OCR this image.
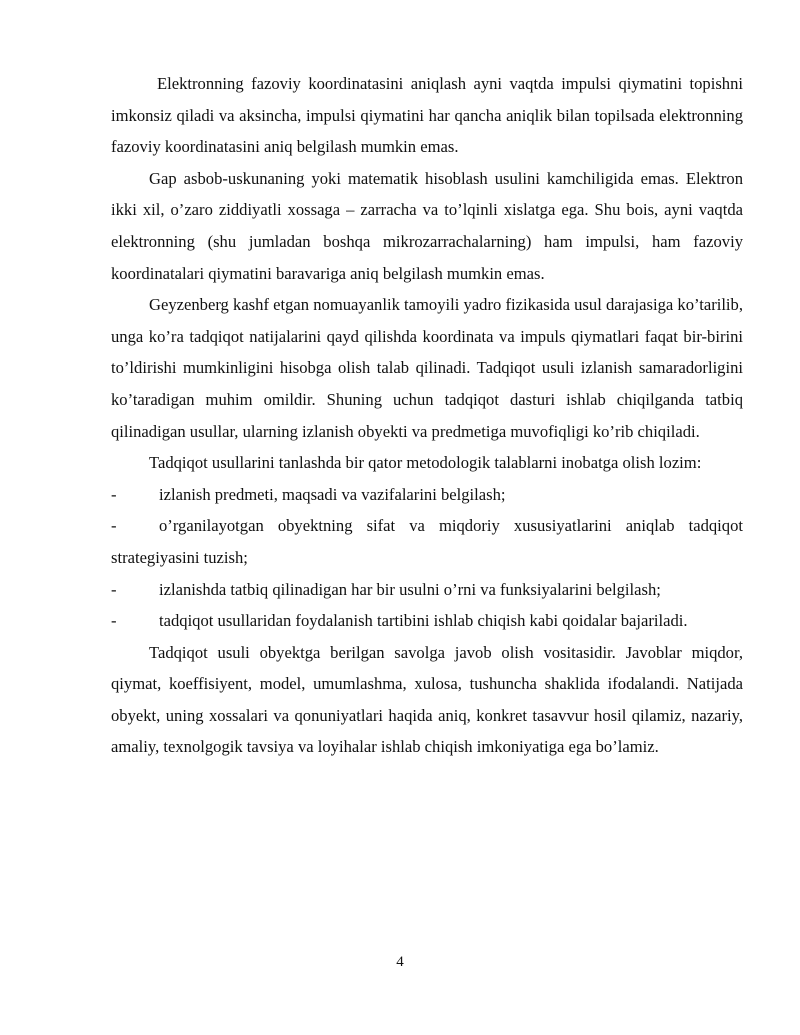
Elektronning fazoviy koordinatasini aniqlash ayni vaqtda impulsi qiymatini topishni imkonsiz qiladi va aksincha, impulsi qiymatini har qancha aniqlik bilan topilsada elektronning fazoviy koordinatasini aniq belgilash mumkin emas.

Gap asbob-uskunaning yoki matematik hisoblash usulini kamchiligida emas. Elektron ikki xil, o’zaro ziddiyatli xossaga – zarracha va to’lqinli xislatga ega. Shu bois, ayni vaqtda elektronning (shu jumladan boshqa mikrozarrachalarning) ham impulsi, ham fazoviy koordinatalari qiymatini baravariga aniq belgilash mumkin emas.

Geyzenberg kashf etgan nomuayanlik tamoyili yadro fizikasida usul darajasiga ko’tarilib, unga ko’ra tadqiqot natijalarini qayd qilishda koordinata va impuls qiymatlari faqat bir-birini to’ldirishi mumkinligini hisobga olish talab qilinadi. Tadqiqot usuli izlanish samaradorligini ko’taradigan muhim omildir. Shuning uchun tadqiqot dasturi ishlab chiqilganda tatbiq qilinadigan usullar, ularning izlanish obyekti va predmetiga muvofiqligi ko’rib chiqiladi.

Tadqiqot usullarini tanlashda bir qator metodologik talablarni inobatga olish lozim:

-	izlanish predmeti, maqsadi va vazifalarini belgilash;

-	o’rganilayotgan obyektning sifat va miqdoriy xususiyatlarini aniqlab tadqiqot strategiyasini tuzish;

-	izlanishda tatbiq qilinadigan har bir usulni o’rni va funksiyalarini belgilash;

-	tadqiqot usullaridan foydalanish tartibini ishlab chiqish kabi qoidalar bajariladi.

Tadqiqot usuli obyektga berilgan savolga javob olish vositasidir. Javoblar miqdor, qiymat, koeffisiyent, model, umumlashma, xulosa, tushuncha shaklida ifodalandi. Natijada obyekt, uning xossalari va qonuniyatlari haqida aniq, konkret tasavvur hosil qilamiz, nazariy, amaliy, texnolgogik tavsiya va loyihalar ishlab chiqish imkoniyatiga ega bo’lamiz.

4
